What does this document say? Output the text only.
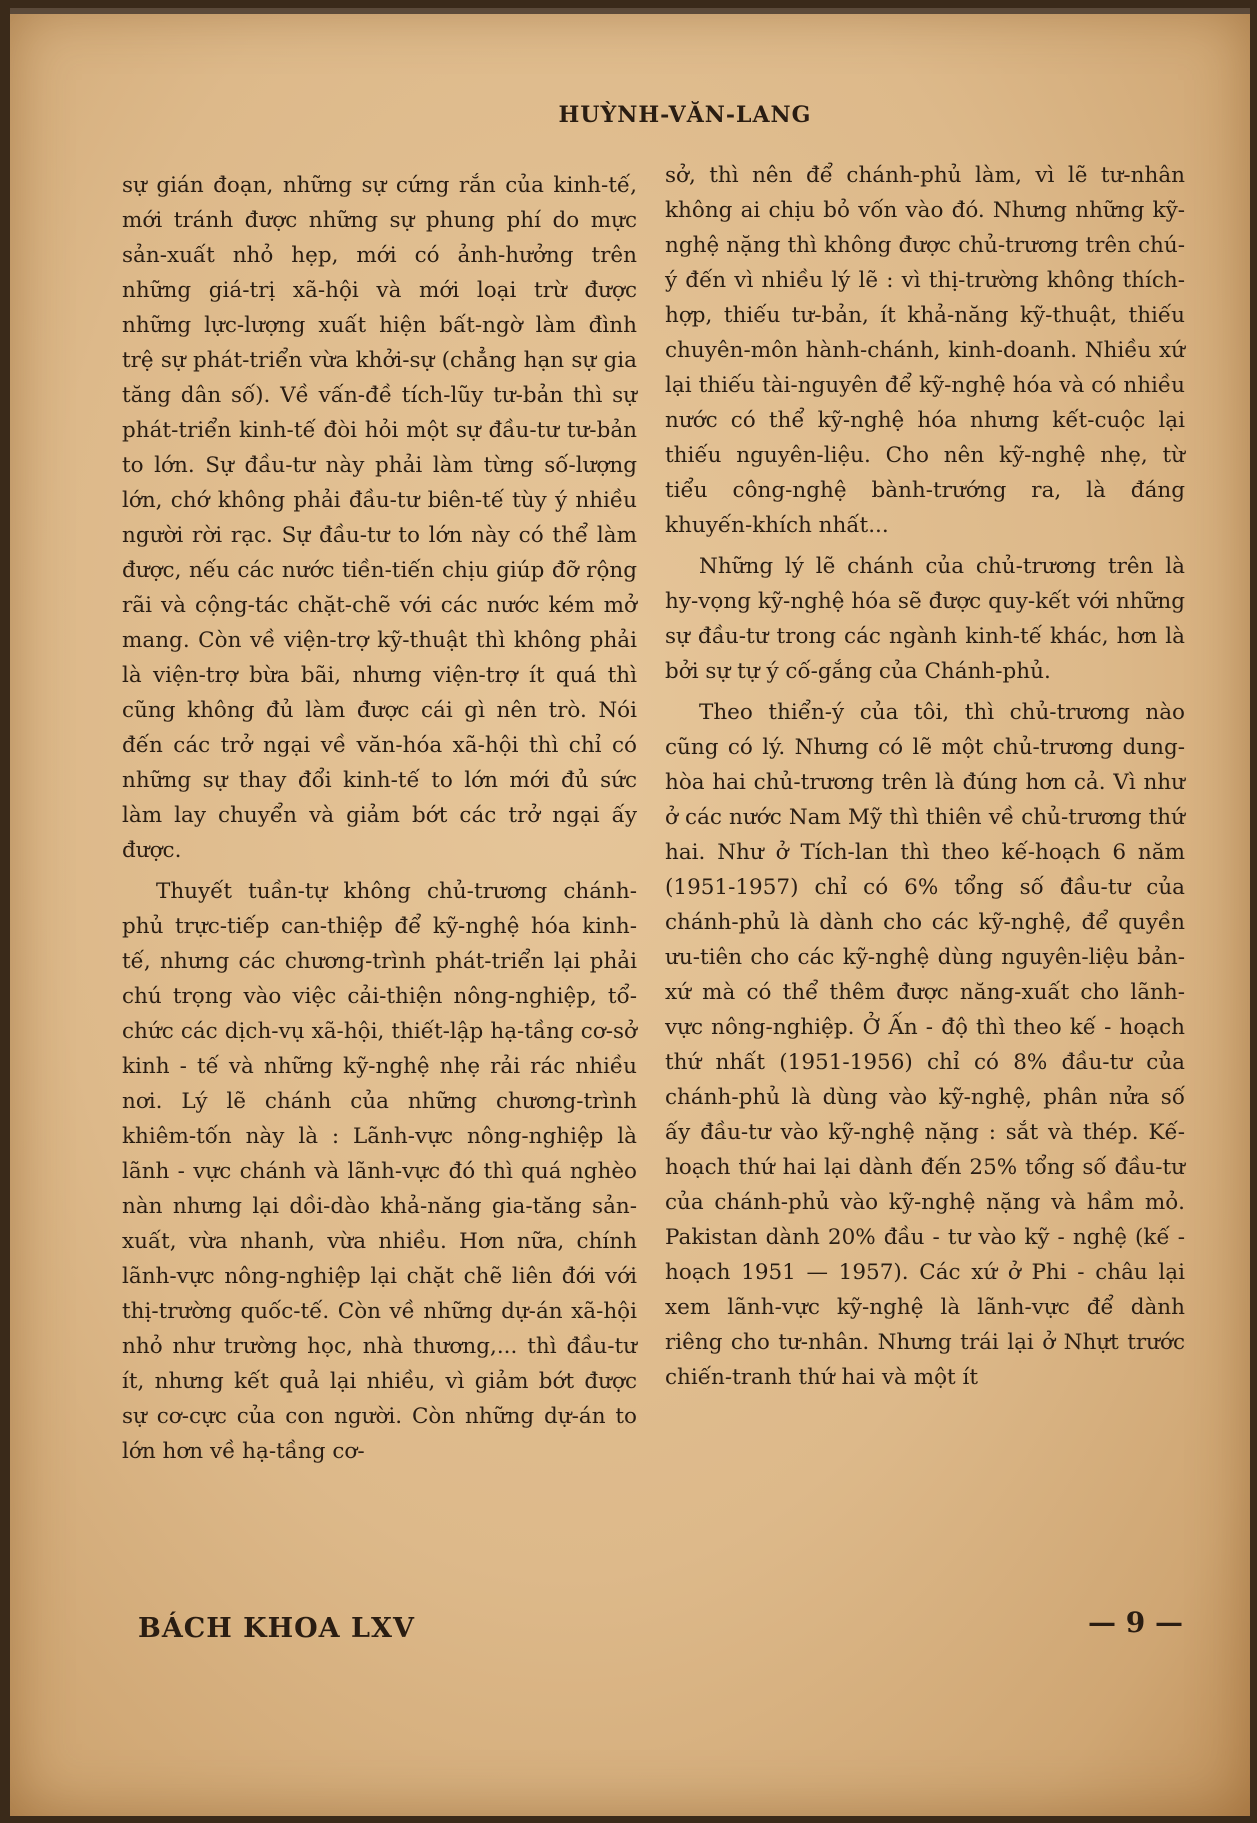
HUỲNH-VĂN-LANG

sự gián đoạn, những sự cứng rắn của kinh-tế, mới tránh được những sự phung phí do mực sản-xuất nhỏ hẹp, mới có ảnh-hưởng trên những giá-trị xã-hội và mới loại trừ được những lực-lượng xuất hiện bất-ngờ làm đình trệ sự phát-triển vừa khởi-sự (chẳng hạn sự gia tăng dân số). Về vấn-đề tích-lũy tư-bản thì sự phát-triển kinh-tế đòi hỏi một sự đầu-tư tư-bản to lớn. Sự đầu-tư này phải làm từng số-lượng lớn, chớ không phải đầu-tư biên-tế tùy ý nhiều người rời rạc. Sự đầu-tư to lớn này có thể làm được, nếu các nước tiền-tiến chịu giúp đỡ rộng rãi và cộng-tác chặt-chẽ với các nước kém mở mang. Còn về viện-trợ kỹ-thuật thì không phải là viện-trợ bừa bãi, nhưng viện-trợ ít quá thì cũng không đủ làm được cái gì nên trò. Nói đến các trở ngại về văn-hóa xã-hội thì chỉ có những sự thay đổi kinh-tế to lớn mới đủ sức làm lay chuyển và giảm bớt các trở ngại ấy được.

Thuyết tuần-tự không chủ-trương chánh-phủ trực-tiếp can-thiệp để kỹ-nghệ hóa kinh-tế, nhưng các chương-trình phát-triển lại phải chú trọng vào việc cải-thiện nông-nghiệp, tổ-chức các dịch-vụ xã-hội, thiết-lập hạ-tầng cơ-sở kinh - tế và những kỹ-nghệ nhẹ rải rác nhiều nơi. Lý lẽ chánh của những chương-trình khiêm-tốn này là : Lãnh-vực nông-nghiệp là lãnh - vực chánh và lãnh-vực đó thì quá nghèo nàn nhưng lại dồi-dào khả-năng gia-tăng sản-xuất, vừa nhanh, vừa nhiều. Hơn nữa, chính lãnh-vực nông-nghiệp lại chặt chẽ liên đới với thị-trường quốc-tế. Còn về những dự-án xã-hội nhỏ như trường học, nhà thương,... thì đầu-tư ít, nhưng kết quả lại nhiều, vì giảm bớt được sự cơ-cực của con người. Còn những dự-án to lớn hơn về hạ-tầng cơ-

sở, thì nên để chánh-phủ làm, vì lẽ tư-nhân không ai chịu bỏ vốn vào đó. Nhưng những kỹ-nghệ nặng thì không được chủ-trương trên chú-ý đến vì nhiều lý lẽ : vì thị-trường không thích-hợp, thiếu tư-bản, ít khả-năng kỹ-thuật, thiếu chuyên-môn hành-chánh, kinh-doanh. Nhiều xứ lại thiếu tài-nguyên để kỹ-nghệ hóa và có nhiều nước có thể kỹ-nghệ hóa nhưng kết-cuộc lại thiếu nguyên-liệu. Cho nên kỹ-nghệ nhẹ, từ tiểu công-nghệ bành-trướng ra, là đáng khuyến-khích nhất...

Những lý lẽ chánh của chủ-trương trên là hy-vọng kỹ-nghệ hóa sẽ được quy-kết với những sự đầu-tư trong các ngành kinh-tế khác, hơn là bởi sự tự ý cố-gắng của Chánh-phủ.

Theo thiển-ý của tôi, thì chủ-trương nào cũng có lý. Nhưng có lẽ một chủ-trương dung-hòa hai chủ-trương trên là đúng hơn cả. Vì như ở các nước Nam Mỹ thì thiên về chủ-trương thứ hai. Như ở Tích-lan thì theo kế-hoạch 6 năm (1951-1957) chỉ có 6% tổng số đầu-tư của chánh-phủ là dành cho các kỹ-nghệ, để quyền ưu-tiên cho các kỹ-nghệ dùng nguyên-liệu bản-xứ mà có thể thêm được năng-xuất cho lãnh-vực nông-nghiệp. Ở Ấn - độ thì theo kế - hoạch thứ nhất (1951-1956) chỉ có 8% đầu-tư của chánh-phủ là dùng vào kỹ-nghệ, phân nửa số ấy đầu-tư vào kỹ-nghệ nặng : sắt và thép. Kế-hoạch thứ hai lại dành đến 25% tổng số đầu-tư của chánh-phủ vào kỹ-nghệ nặng và hầm mỏ. Pakistan dành 20% đầu - tư vào kỹ - nghệ (kế - hoạch 1951 — 1957). Các xứ ở Phi - châu lại xem lãnh-vực kỹ-nghệ là lãnh-vực để dành riêng cho tư-nhân. Nhưng trái lại ở Nhựt trước chiến-tranh thứ hai và một ít

BÁCH KHOA LXV	— 9 —
